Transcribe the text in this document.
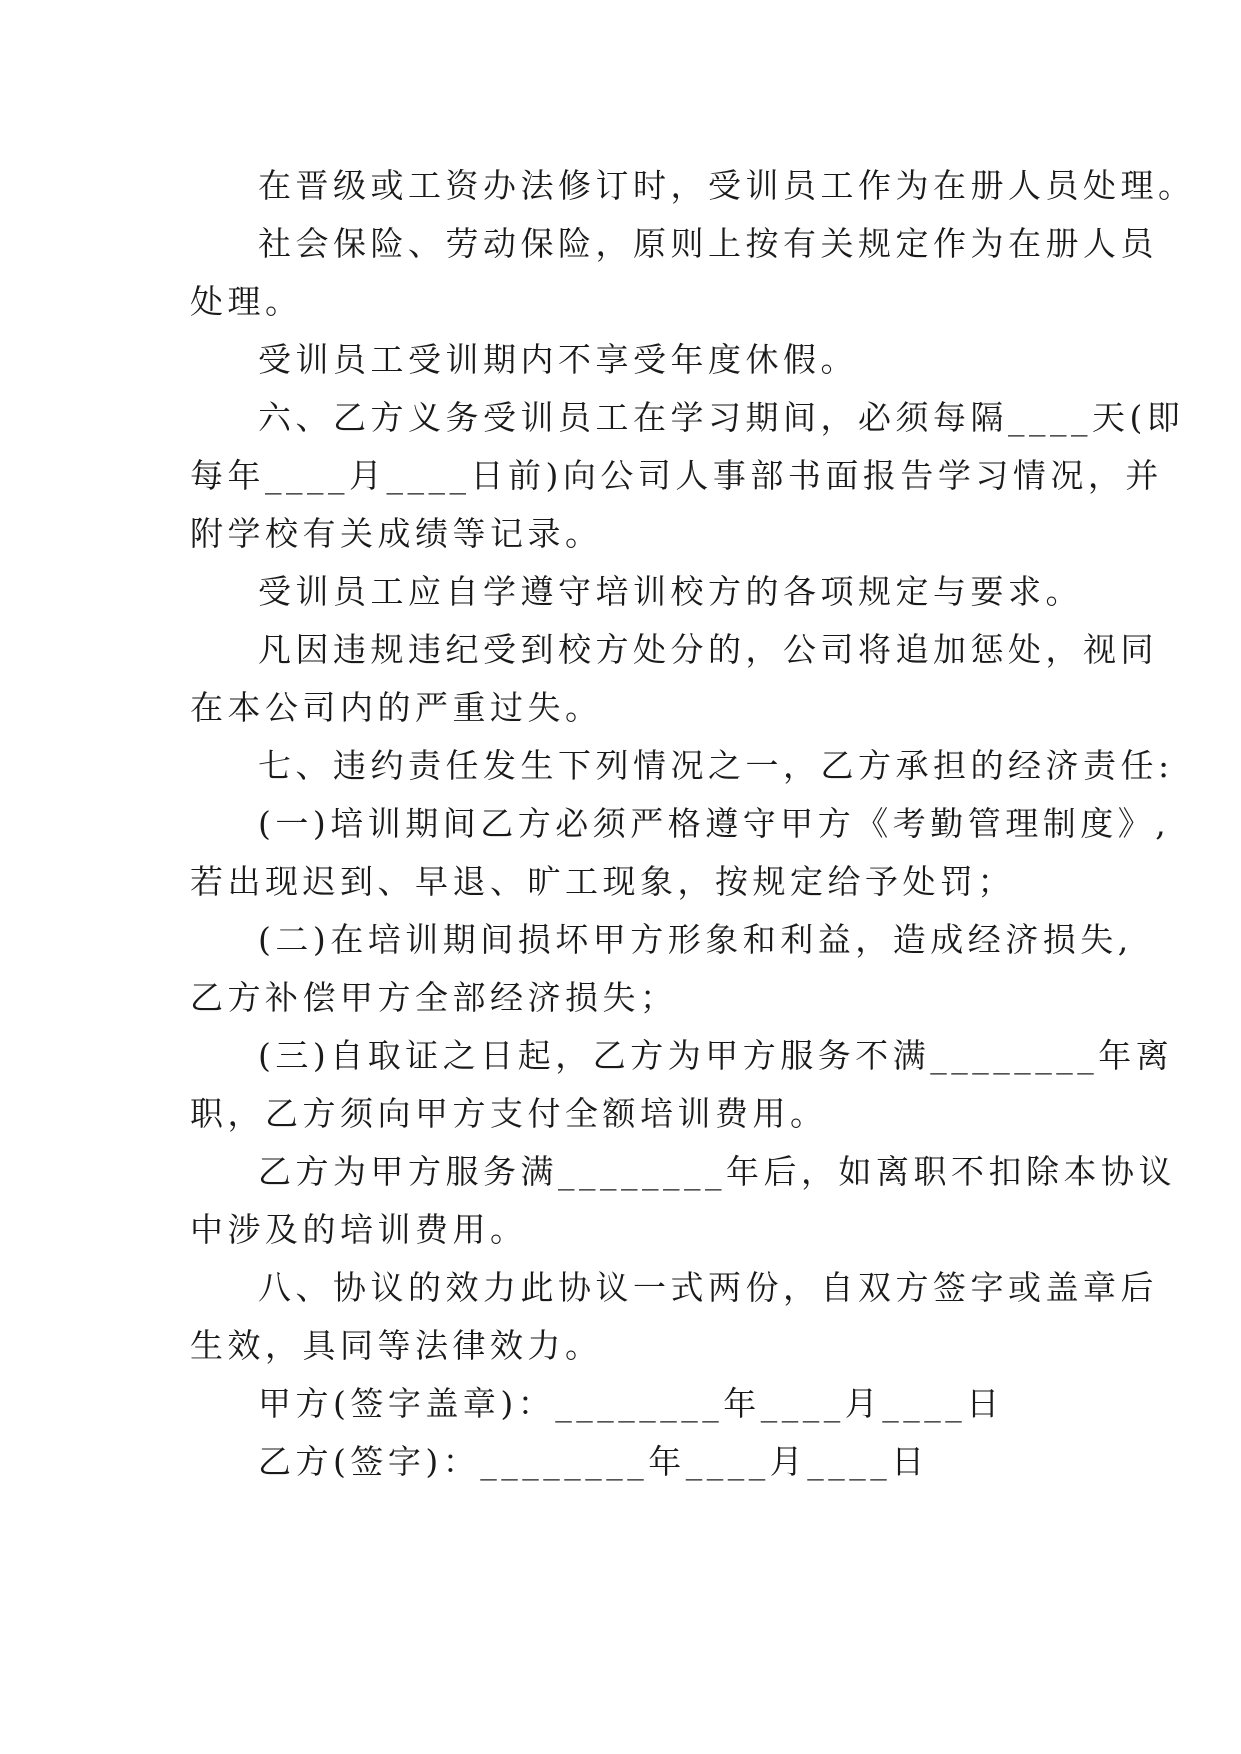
在晋级或工资办法修订时，受训员工作为在册人员处理。
社会保险、劳动保险，原则上按有关规定作为在册人员
处理。
受训员工受训期内不享受年度休假。
六、乙方义务受训员工在学习期间，必须每隔____天(即
每年____月____日前)向公司人事部书面报告学习情况，并
附学校有关成绩等记录。
受训员工应自学遵守培训校方的各项规定与要求。
凡因违规违纪受到校方处分的，公司将追加惩处，视同
在本公司内的严重过失。
七、违约责任发生下列情况之一，乙方承担的经济责任:
(一)培训期间乙方必须严格遵守甲方《考勤管理制度》,
若出现迟到、早退、旷工现象，按规定给予处罚；
(二)在培训期间损坏甲方形象和利益，造成经济损失,
乙方补偿甲方全部经济损失；
(三)自取证之日起，乙方为甲方服务不满________年离
职，乙方须向甲方支付全额培训费用。
乙方为甲方服务满________年后，如离职不扣除本协议
中涉及的培训费用。
八、协议的效力此协议一式两份，自双方签字或盖章后
生效，具同等法律效力。
甲方(签字盖章)：________年____月____日
乙方(签字)：________年____月____日
